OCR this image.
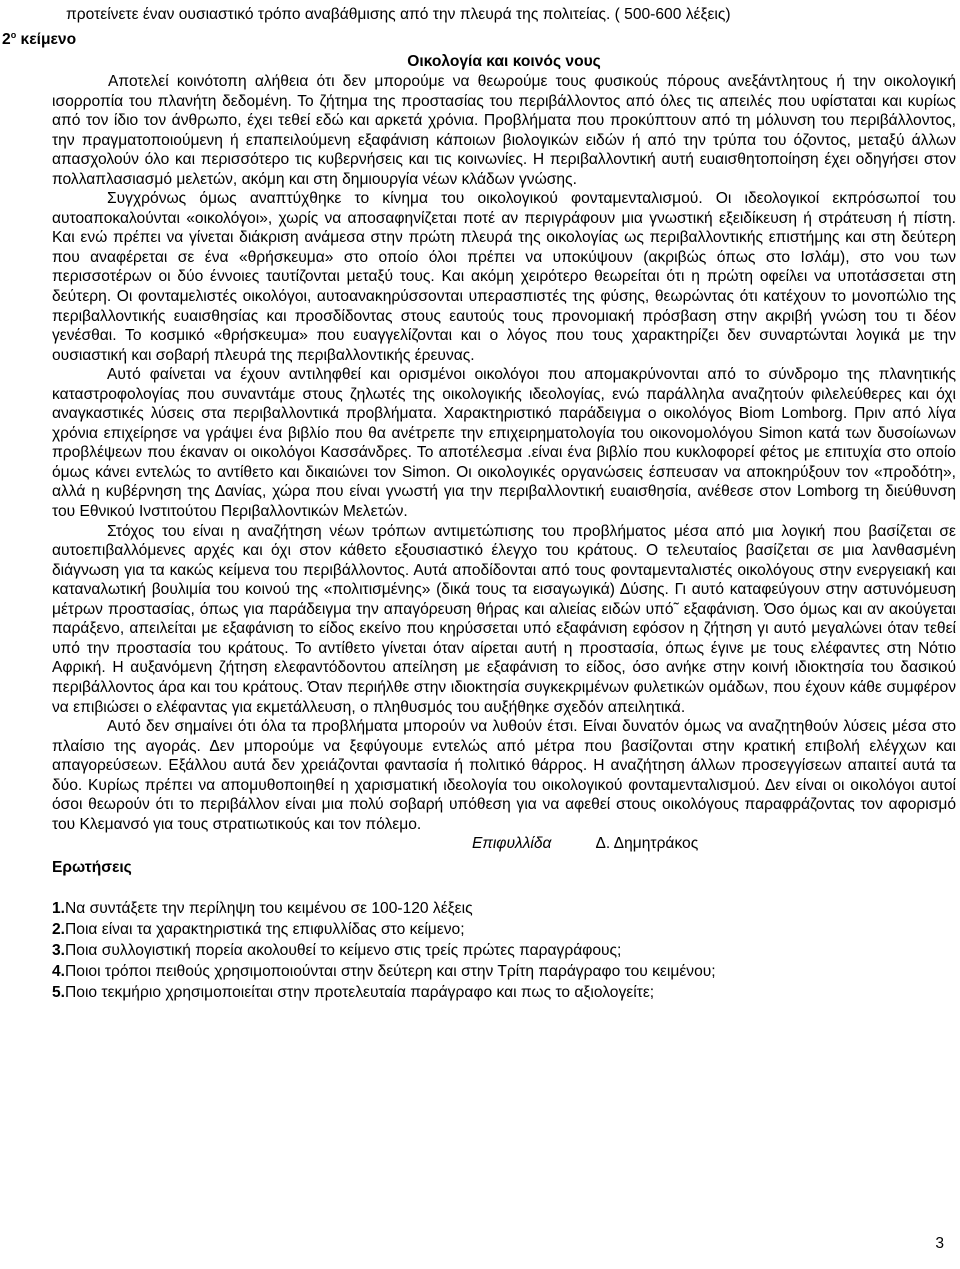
προτείνετε έναν ουσιαστικό τρόπο αναβάθμισης από την πλευρά της πολιτείας. ( 500-600 λέξεις)
$2^o$ κείμενο
Οικολογία και κοινός νους

Αποτελεί κοινότοπη αλήθεια ότι δεν μπορούμε να θεωρούμε τους φυσικούς πόρους ανεξάντλητους ή την οικολογική ισορροπία του πλανήτη δεδομένη. Το ζήτημα της προστασίας του περιβάλλοντος από όλες τις απειλές που υφίσταται και κυρίως από τον ίδιο τον άνθρωπο, έχει τεθεί εδώ και αρκετά χρόνια. Προβλήματα που προκύπτουν από τη μόλυνση του περιβάλλοντος, την πραγματοποιούμενη ή επαπειλούμενη εξαφάνιση κάποιων βιολογικών ειδών ή από την τρύπα του όζοντος, μεταξύ άλλων απασχολούν όλο και περισσότερο τις κυβερνήσεις και τις κοινωνίες. Η περιβαλλοντική αυτή ευαισθητοποίηση έχει οδηγήσει στον πολλαπλασιασμό μελετών, ακόμη και στη δημιουργία νέων κλάδων γνώσης.

Συγχρόνως όμως αναπτύχθηκε το κίνημα του οικολογικού φονταμενταλισμού. Οι ιδεολογικοί εκπρόσωποί του αυτοαποκαλούνται «οικολόγοι», χωρίς να αποσαφηνίζεται ποτέ αν περιγράφουν μια γνωστική εξειδίκευση ή στράτευση ή πίστη. Και ενώ πρέπει να γίνεται διάκριση ανάμεσα στην πρώτη πλευρά της οικολογίας ως περιβαλλοντικής επιστήμης και στη δεύτερη που αναφέρεται σε ένα «θρήσκευμα» στο οποίο όλοι πρέπει να υποκύψουν (ακριβώς όπως στο Ισλάμ), στο νου των περισσοτέρων οι δύο έννοιες ταυτίζονται μεταξύ τους. Και ακόμη χειρότερο θεωρείται ότι η πρώτη οφείλει να υποτάσσεται στη δεύτερη. Οι φονταμελιστές οικολόγοι, αυτοανακηρύσσονται υπερασπιστές της φύσης, θεωρώντας ότι κατέχουν το μονοπώλιο της περιβαλλοντικής ευαισθησίας και προσδίδοντας στους εαυτούς τους προνομιακή πρόσβαση στην ακριβή γνώση του τι δέον γενέσθαι. Το κοσμικό «θρήσκευμα» που ευαγγελίζονται και ο λόγος που τους χαρακτηρίζει δεν συναρτώνται λογικά με την ουσιαστική και σοβαρή πλευρά της περιβαλλοντικής έρευνας.

Αυτό φαίνεται να έχουν αντιληφθεί και ορισμένοι οικολόγοι που απομακρύνονται από το σύνδρομο της πλανητικής καταστροφολογίας που συναντάμε στους ζηλωτές της οικολογικής ιδεολογίας, ενώ παράλληλα αναζητούν φιλελεύθερες και όχι αναγκαστικές λύσεις στα περιβαλλοντικά προβλήματα. Χαρακτηριστικό παράδειγμα ο οικολόγος Biom Lomborg. Πριν από λίγα χρόνια επιχείρησε να γράψει ένα βιβλίο που θα ανέτρεπε την επιχειρηματολογία του οικονομολόγου Simon κατά των δυσοίωνων προβλέψεων που έκαναν οι οικολόγοι Κασσάνδρες. Το αποτέλεσμα .είναι ένα βιβλίο που κυκλοφορεί φέτος με επιτυχία στο οποίο όμως κάνει εντελώς το αντίθετο και δικαιώνει τον Simon. Οι οικολογικές οργανώσεις έσπευσαν να αποκηρύξουν τον «προδότη», αλλά η κυβέρνηση της Δανίας, χώρα που είναι γνωστή για την περιβαλλοντική ευαισθησία, ανέθεσε στον Lomborg τη διεύθυνση του Εθνικού Ινστιτούτου Περιβαλλοντικών Μελετών.

Στόχος του είναι η αναζήτηση νέων τρόπων αντιμετώπισης του προβλήματος μέσα από μια λογική που βασίζεται σε αυτοεπιβαλλόμενες αρχές και όχι στον κάθετο εξουσιαστικό έλεγχο του κράτους. Ο τελευταίος βασίζεται σε μια λανθασμένη διάγνωση για τα κακώς κείμενα του περιβάλλοντος. Αυτά αποδίδονται από τους φονταμενταλιστές οικολόγους στην ενεργειακή και καταναλωτική βουλιμία του κοινού της «πολιτισμένης» (δικά τους τα εισαγωγικά) Δύσης. Γι αυτό καταφεύγουν στην αστυνόμευση μέτρων προστασίας, όπως για παράδειγμα την απαγόρευση θήρας και αλιείας ειδών υπό˜ εξαφάνιση. Όσο όμως και αν ακούγεται παράξενο, απειλείται με εξαφάνιση το είδος εκείνο που κηρύσσεται υπό εξαφάνιση εφόσον η ζήτηση γι αυτό μεγαλώνει όταν τεθεί υπό την προστασία του κράτους. Το αντίθετο γίνεται όταν αίρεται αυτή η προστασία, όπως έγινε με τους ελέφαντες στη Νότιο Αφρική. Η αυξανόμενη ζήτηση ελεφαντόδοντου απείληση με εξαφάνιση το είδος, όσο ανήκε στην κοινή ιδιοκτησία του δασικού περιβάλλοντος άρα και του κράτους. Όταν περιήλθε στην ιδιοκτησία συγκεκριμένων φυλετικών ομάδων, που έχουν κάθε συμφέρον να επιβιώσει ο ελέφαντας για εκμετάλλευση, ο πληθυσμός του αυξήθηκε σχεδόν απειλητικά.

Αυτό δεν σημαίνει ότι όλα τα προβλήματα μπορούν να λυθούν έτσι. Είναι δυνατόν όμως να αναζητηθούν λύσεις μέσα στο πλαίσιο της αγοράς. Δεν μπορούμε να ξεφύγουμε εντελώς από μέτρα που βασίζονται στην κρατική επιβολή ελέγχων και απαγορεύσεων. Εξάλλου αυτά δεν χρειάζονται φαντασία ή πολιτικό θάρρος. Η αναζήτηση άλλων προσεγγίσεων απαιτεί αυτά τα δύο. Κυρίως πρέπει να απομυθοποιηθεί η χαρισματική ιδεολογία του οικολογικού φονταμενταλισμού. Δεν είναι οι οικολόγοι αυτοί όσοι θεωρούν ότι το περιβάλλον είναι μια πολύ σοβαρή υπόθεση για να αφεθεί στους οικολόγους παραφράζοντας τον αφορισμό του Κλεμανσό για τους στρατιωτικούς και τον πόλεμο.

Επιφυλλίδα	Δ. Δημητράκος
Ερωτήσεις
1.Να συντάξετε την περίληψη του κειμένου σε 100-120 λέξεις
2.Ποια είναι τα χαρακτηριστικά της επιφυλλίδας στο κείμενο;
3.Ποια συλλογιστική πορεία ακολουθεί το κείμενο στις τρείς πρώτες παραγράφους;
4.Ποιοι τρόποι πειθούς χρησιμοποιούνται στην δεύτερη και στην Τρίτη παράγραφο του κειμένου;
5.Ποιο τεκμήριο χρησιμοποιείται στην προτελευταία παράγραφο και πως το αξιολογείτε;
3
